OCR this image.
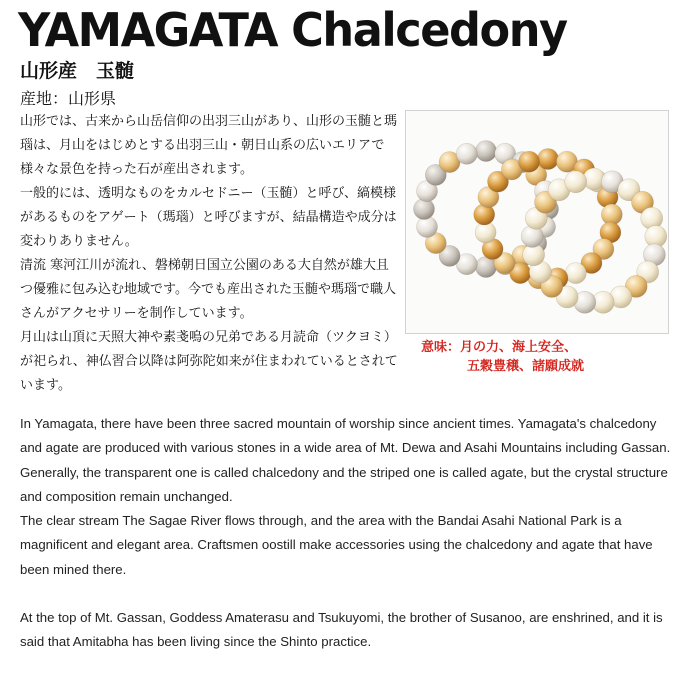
YAMAGATA Chalcedony
山形産　玉髄
産地：山形県

山形では、古来から山岳信仰の出羽三山があり、山形の玉髄と瑪瑙は、月山をはじめとする出羽三山・朝日山系の広いエリアで様々な景色を持った石が産出されます。

一般的には、透明なものをカルセドニー（玉髄）と呼び、縞模様があるものをアゲート（瑪瑙）と呼びますが、結晶構造や成分は変わりありません。

清流 寒河江川が流れ、磐梯朝日国立公園のある大自然が雄大且つ優雅に包み込む地域です。今でも産出された玉髄や瑪瑙で職人さんがアクセサリーを制作しています。

月山は山頂に天照大神や素戔嗚の兄弟である月読命（ツクヨミ）が祀られ、神仏習合以降は阿弥陀如来が住まわれているとされています。

意味：月の力、海上安全、
五穀豊穣、諸願成就

In Yamagata, there have been three sacred mountain of worship since ancient times. Yamagata's chalcedony and agate are produced with various stones in a wide area of Mt. Dewa and Asahi Mountains including Gassan.

Generally, the transparent one is called chalcedony and the striped one is called agate, but the crystal structure and composition remain unchanged.

The clear stream The Sagae River flows through, and the area with the Bandai Asahi National Park is a magnificent and elegant area. Craftsmen oostill make accessories using the chalcedony and agate that have been mined there.

At the top of Mt. Gassan, Goddess Amaterasu and Tsukuyomi, the brother of Susanoo, are enshrined, and it is said that Amitabha has been living since the Shinto practice.
